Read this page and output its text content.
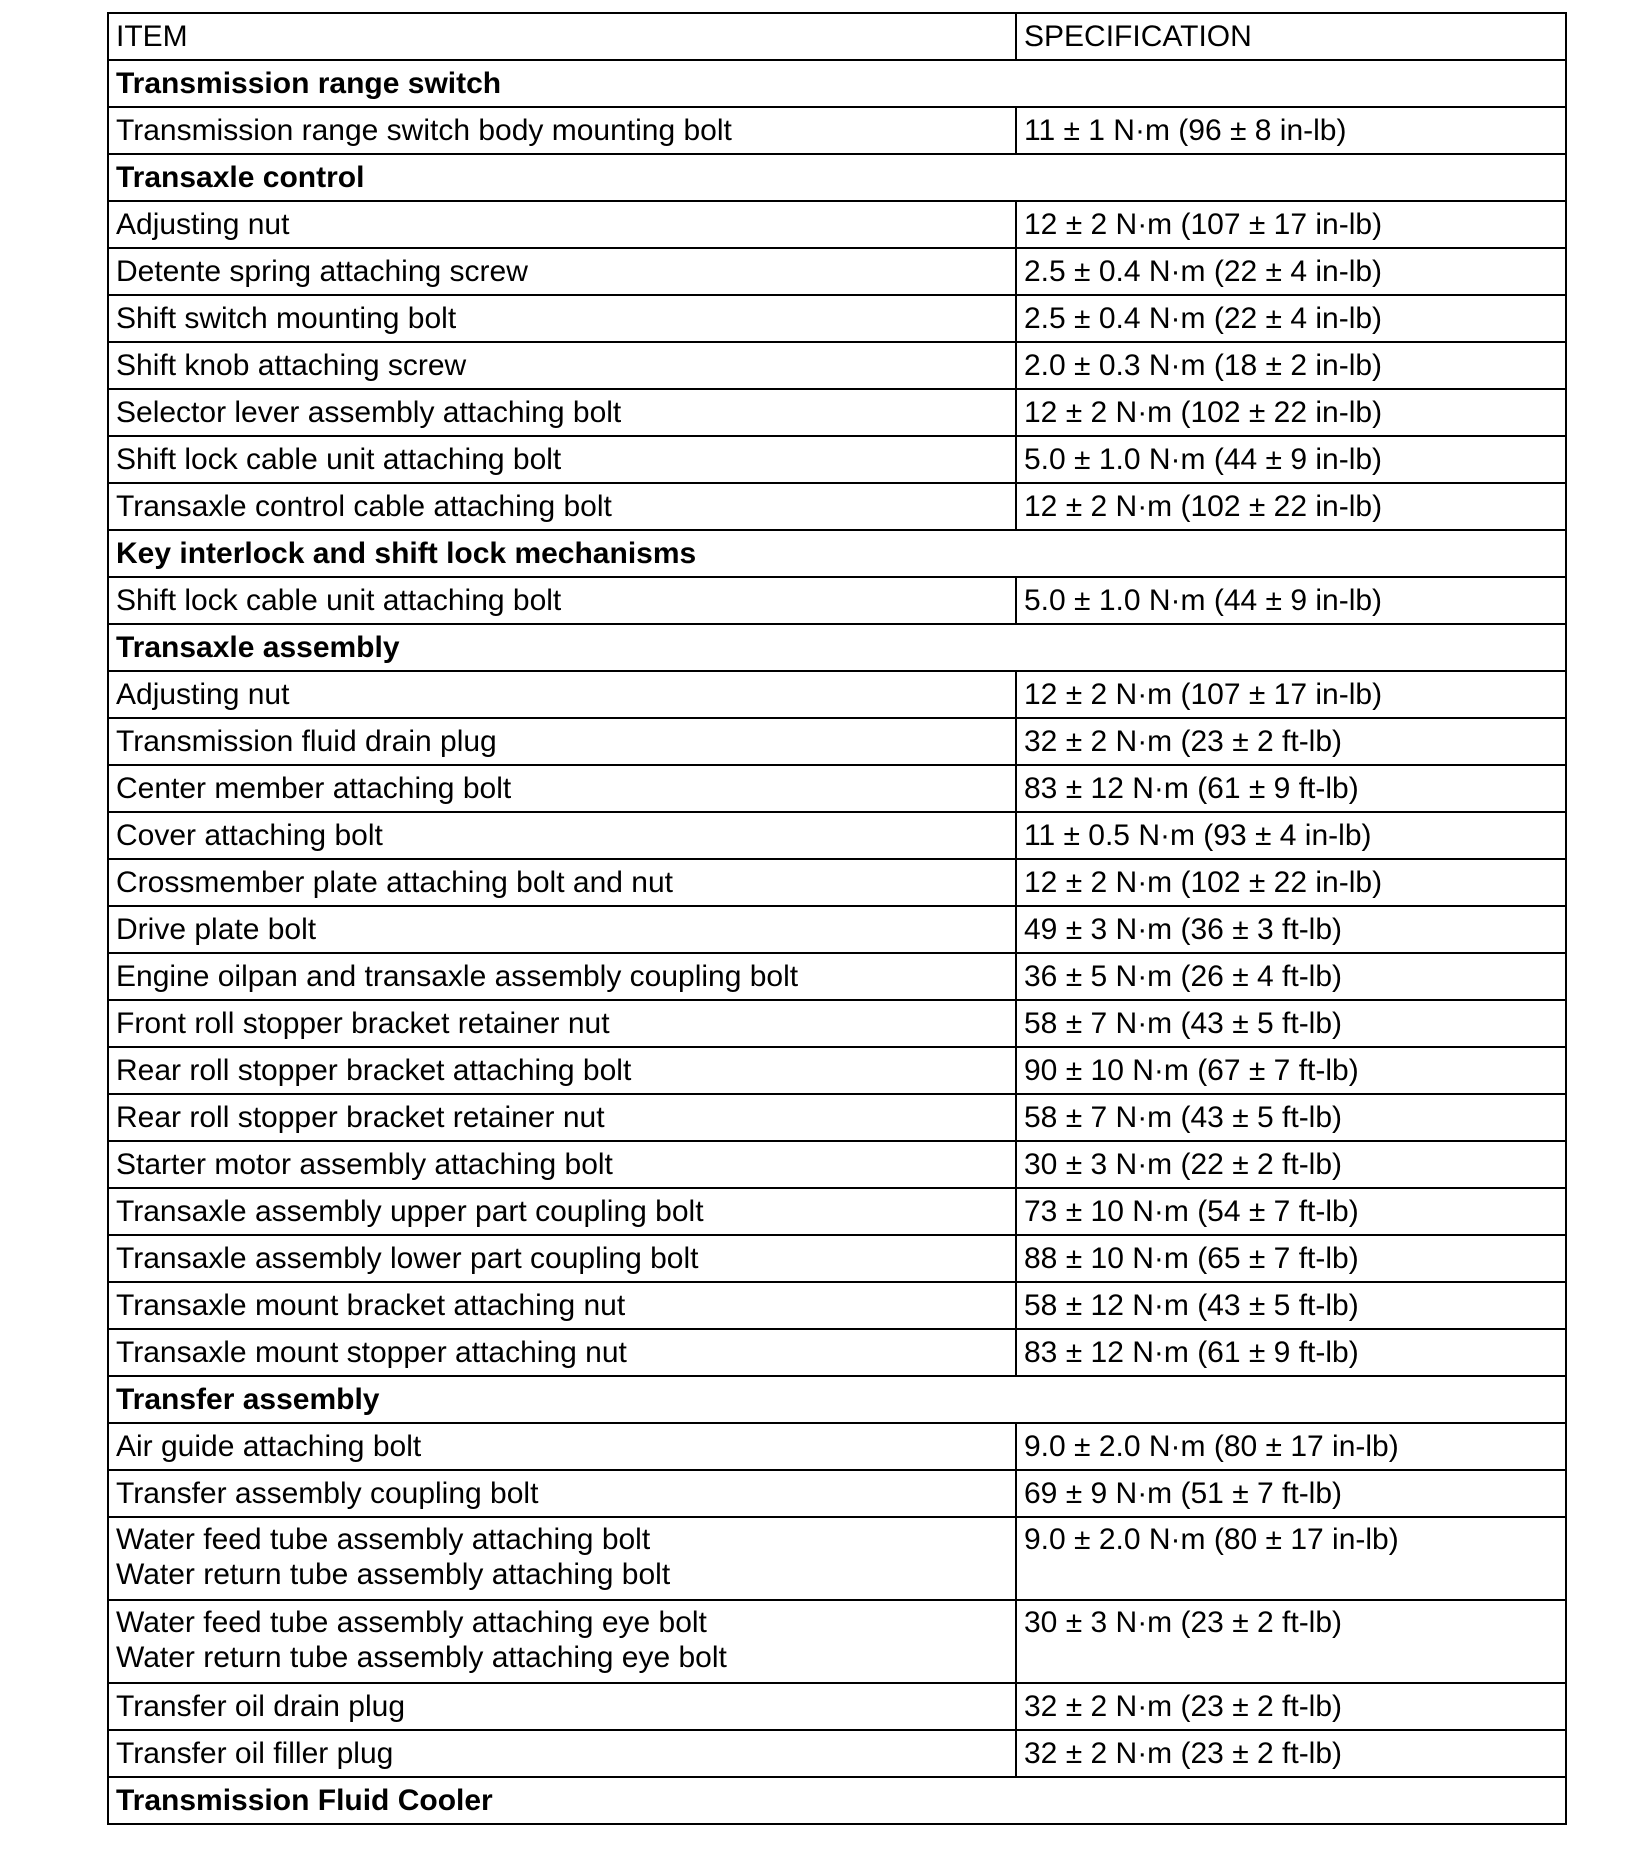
ITEM	SPECIFICATION
Transmission range switch	

Transmission range switch body mounting bolt	11 ± 1 N·m (96 ± 8 in-lb)
Transaxle control	

Adjusting nut	12 ± 2 N·m (107 ± 17 in-lb)

Detente spring attaching screw	2.5 ± 0.4 N·m (22 ± 4 in-lb)

Shift switch mounting bolt	2.5 ± 0.4 N·m (22 ± 4 in-lb)

Shift knob attaching screw	2.0 ± 0.3 N·m (18 ± 2 in-lb)

Selector lever assembly attaching bolt	12 ± 2 N·m (102 ± 22 in-lb)

Shift lock cable unit attaching bolt	5.0 ± 1.0 N·m (44 ± 9 in-lb)

Transaxle control cable attaching bolt	12 ± 2 N·m (102 ± 22 in-lb)
Key interlock and shift lock mechanisms	

Shift lock cable unit attaching bolt	5.0 ± 1.0 N·m (44 ± 9 in-lb)
Transaxle assembly	

Adjusting nut	12 ± 2 N·m (107 ± 17 in-lb)

Transmission fluid drain plug	32 ± 2 N·m (23 ± 2 ft-lb)

Center member attaching bolt	83 ± 12 N·m (61 ± 9 ft-lb)

Cover attaching bolt	11 ± 0.5 N·m (93 ± 4 in-lb)

Crossmember plate attaching bolt and nut	12 ± 2 N·m (102 ± 22 in-lb)

Drive plate bolt	49 ± 3 N·m (36 ± 3 ft-lb)

Engine oilpan and transaxle assembly coupling bolt	36 ± 5 N·m (26 ± 4 ft-lb)

Front roll stopper bracket retainer nut	58 ± 7 N·m (43 ± 5 ft-lb)

Rear roll stopper bracket attaching bolt	90 ± 10 N·m (67 ± 7 ft-lb)

Rear roll stopper bracket retainer nut	58 ± 7 N·m (43 ± 5 ft-lb)

Starter motor assembly attaching bolt	30 ± 3 N·m (22 ± 2 ft-lb)

Transaxle assembly upper part coupling bolt	73 ± 10 N·m (54 ± 7 ft-lb)

Transaxle assembly lower part coupling bolt	88 ± 10 N·m (65 ± 7 ft-lb)

Transaxle mount bracket attaching nut	58 ± 12 N·m (43 ± 5 ft-lb)

Transaxle mount stopper attaching nut	83 ± 12 N·m (61 ± 9 ft-lb)
Transfer assembly	

Air guide attaching bolt	9.0 ± 2.0 N·m (80 ± 17 in-lb)

Transfer assembly coupling bolt	69 ± 9 N·m (51 ± 7 ft-lb)

Water feed tube assembly attaching bolt
Water return tube assembly attaching bolt	9.0 ± 2.0 N·m (80 ± 17 in-lb)

Water feed tube assembly attaching eye bolt
Water return tube assembly attaching eye bolt	30 ± 3 N·m (23 ± 2 ft-lb)

Transfer oil drain plug	32 ± 2 N·m (23 ± 2 ft-lb)

Transfer oil filler plug	32 ± 2 N·m (23 ± 2 ft-lb)
Transmission Fluid Cooler	
